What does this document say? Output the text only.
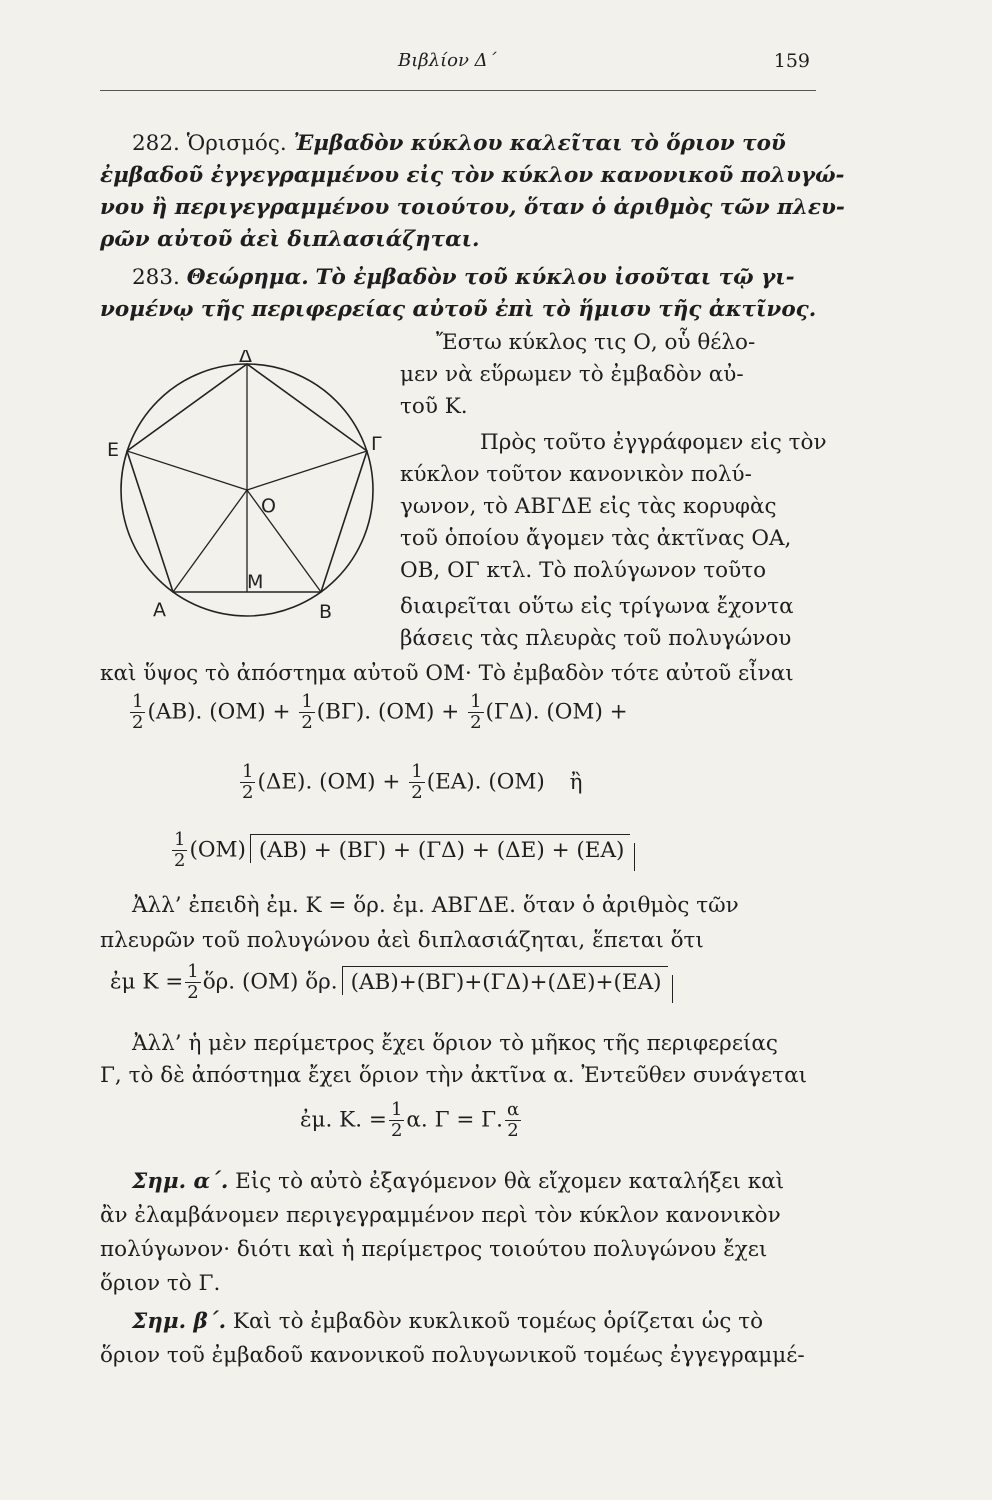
Βιβλίον Δ΄	159
282. Ὁρισμός. Ἐμβαδὸν κύκλου καλεῖται τὸ ὅριον τοῦ
ἐμβαδοῦ ἐγγεγραμμένου εἰς τὸν κύκλον κανονικοῦ πολυγώ-
νου ἢ περιγεγραμμένου τοιούτου, ὅταν ὁ ἀριθμὸς τῶν πλευ-
ρῶν αὐτοῦ ἀεὶ διπλασιάζηται.
283. Θεώρημα. Τὸ ἐμβαδὸν τοῦ κύκλου ἰσοῦται τῷ γι-
νομένῳ τῆς περιφερείας αὐτοῦ ἐπὶ τὸ ἥμισυ τῆς ἀκτῖνος.
Δ
Ε	Γ
Ο
Μ
Α	Β
Ἔστω κύκλος τις Ο, οὗ θέλο-
μεν νὰ εὕρωμεν τὸ ἐμβαδὸν αὐ-
τοῦ Κ.
Πρὸς τοῦτο ἐγγράφομεν εἰς τὸν
κύκλον τοῦτον κανονικὸν πολύ-
γωνον, τὸ ΑΒΓΔΕ εἰς τὰς κορυφὰς
τοῦ ὁποίου ἄγομεν τὰς ἀκτῖνας ΟΑ,
ΟΒ, ΟΓ κτλ. Τὸ πολύγωνον τοῦτο
διαιρεῖται οὕτω εἰς τρίγωνα ἔχοντα
βάσεις τὰς πλευρὰς τοῦ πολυγώνου
καὶ ὕψος τὸ ἀπόστημα αὐτοῦ ΟΜ· Τὸ ἐμβαδὸν τότε αὐτοῦ εἶναι
$\frac{1}{2} (AB)$. $(OM) + \frac{1}{2} (B\Gamma)$. $(OM) + \frac{1}{2} (\Gamma\Delta)$. (ΟΜ) +
$\frac{1}{2} (\Delta E)$. $(OM) + \frac{1}{2} (EA)$. (ΟΜ) ἢ
$\frac{1}{2} (OM) (AB) + (B\Gamma) + (\Gamma\Delta) + (\Delta E) + (EA)$
Ἀλλ’ ἐπειδὴ ἐμ. Κ = ὅρ. ἐμ. ΑΒΓΔΕ. ὅταν ὁ ἀριθμὸς τῶν
πλευρῶν τοῦ πολυγώνου ἀεὶ διπλασιάζηται, ἕπεται ὅτι
ἐμ $K = \frac{1}{2}$ ὅρ. (ΟΜ) ὅρ. (ΑΒ)+(ΒΓ)+(ΓΔ)+(ΔΕ)+(ΕΑ)
Ἀλλ’ ἡ μὲν περίμετρος ἔχει ὅριον τὸ μῆκος τῆς περιφερείας
Γ, τὸ δὲ ἀπόστημα ἔχει ὅριον τὴν ἀκτῖνα α. Ἐντεῦθεν συνάγεται
ἐμ. Κ. = $\frac{1}{2} \alpha$. Γ = Γ. $\frac{\alpha}{2}$
Σημ. α΄. Εἰς τὸ αὐτὸ ἐξαγόμενον θὰ εἴχομεν καταλήξει καὶ
ἂν ἐλαμβάνομεν περιγεγραμμένον περὶ τὸν κύκλον κανονικὸν
πολύγωνον· διότι καὶ ἡ περίμετρος τοιούτου πολυγώνου ἔχει
ὅριον τὸ Γ.
Σημ. β΄. Καὶ τὸ ἐμβαδὸν κυκλικοῦ τομέως ὁρίζεται ὡς τὸ
ὅριον τοῦ ἐμβαδοῦ κανονικοῦ πολυγωνικοῦ τομέως ἐγγεγραμμέ-
